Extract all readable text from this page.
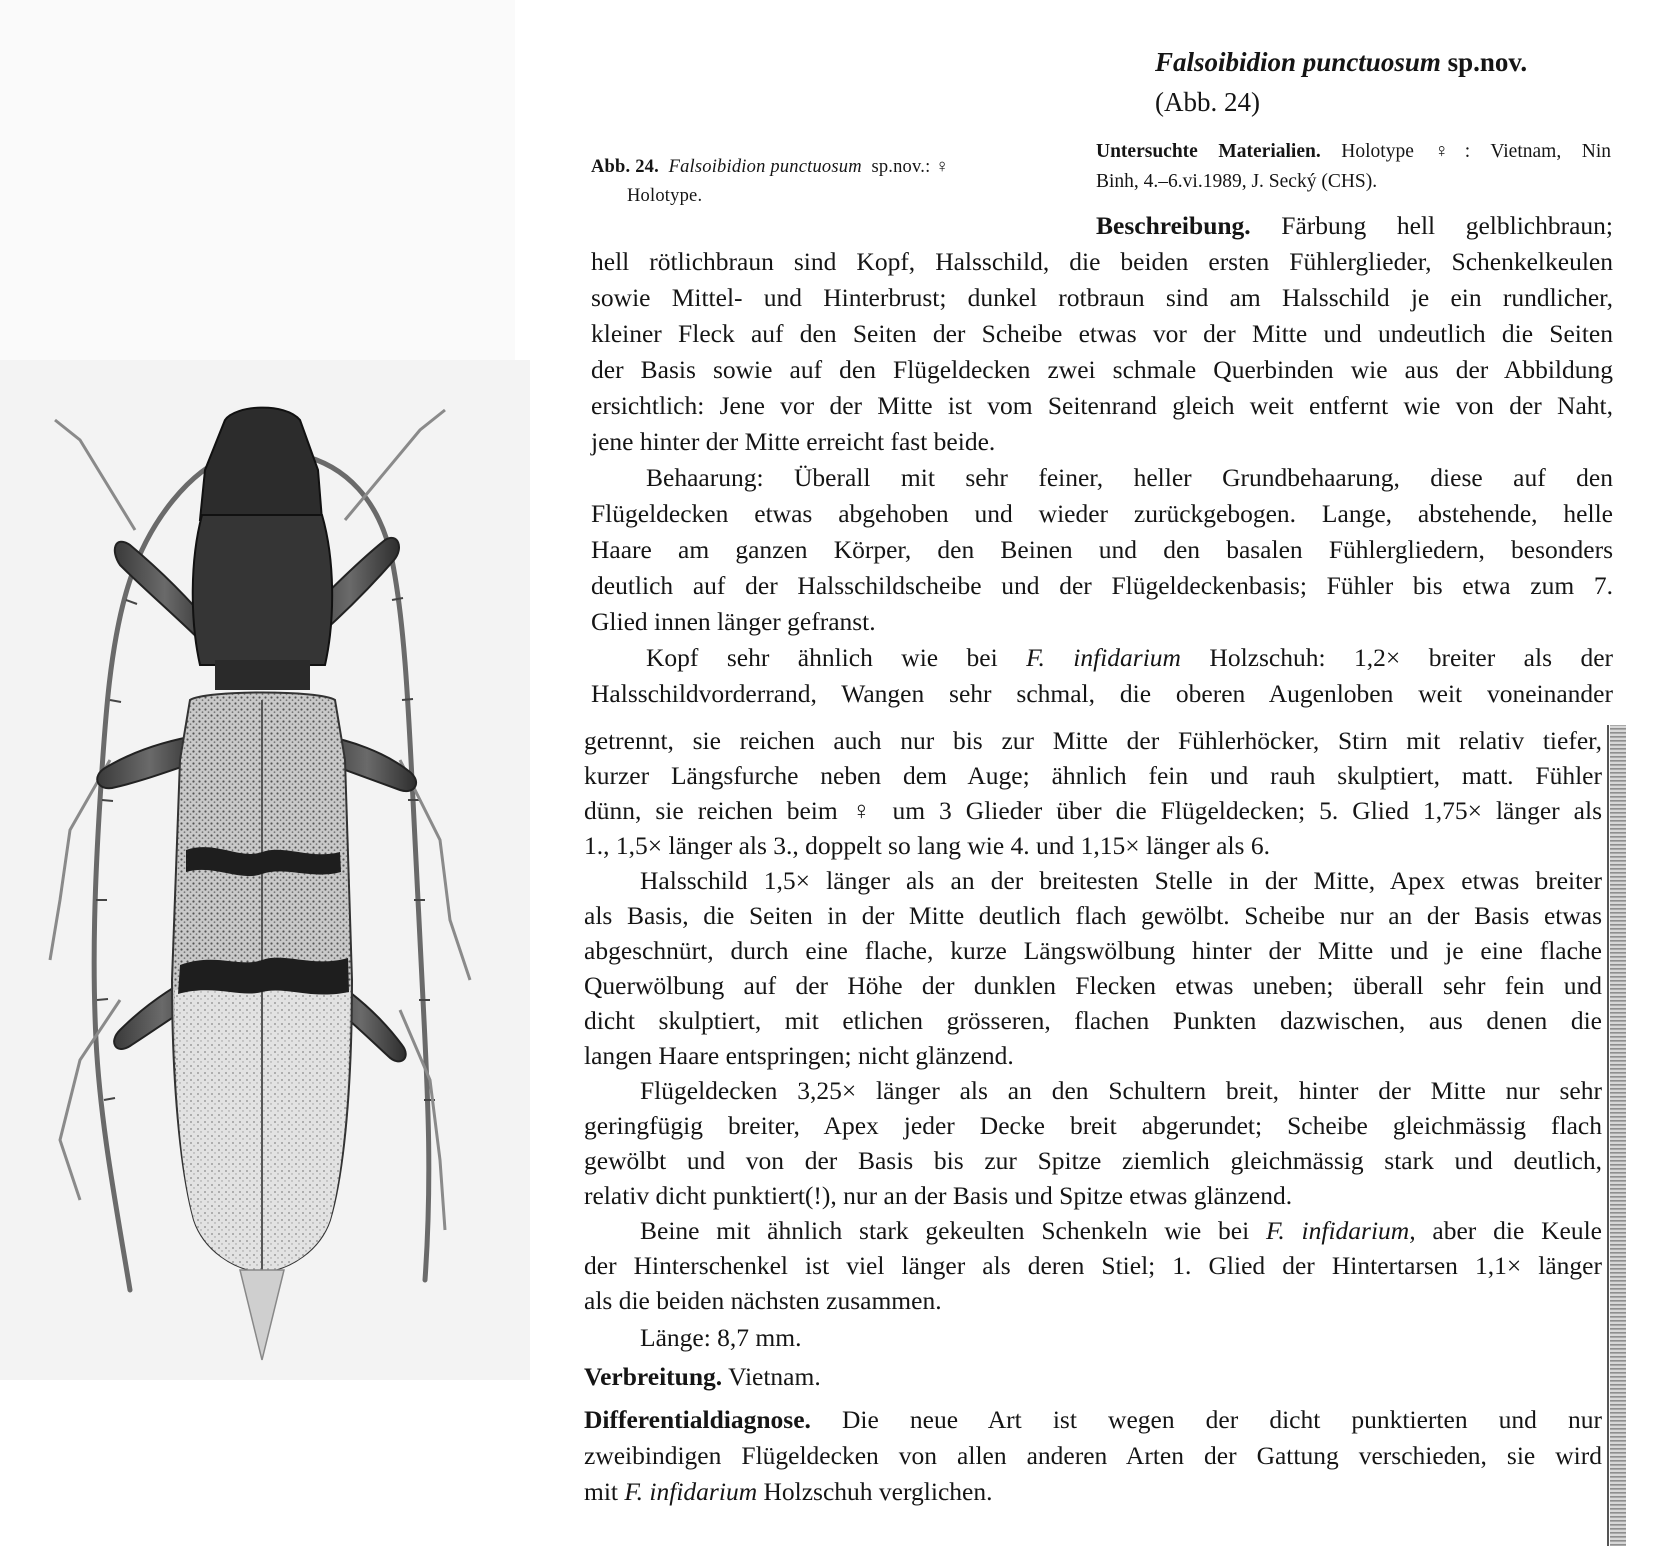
Falsoibidion punctuosum sp.nov.
(Abb. 24)
Abb. 24. Falsoibidion punctuosum sp.nov.: ♀
Holotype.
Untersuchte Materialien. Holotype ♀: Vietnam, Nin
Binh, 4.–6.vi.1989, J. Secký (CHS).
Beschreibung. Färbung hell gelblichbraun;
hell rötlichbraun sind Kopf, Halsschild, die beiden ersten Fühlerglieder, Schenkelkeulen
sowie Mittel- und Hinterbrust; dunkel rotbraun sind am Halsschild je ein rundlicher,
kleiner Fleck auf den Seiten der Scheibe etwas vor der Mitte und undeutlich die Seiten
der Basis sowie auf den Flügeldecken zwei schmale Querbinden wie aus der Abbildung
ersichtlich: Jene vor der Mitte ist vom Seitenrand gleich weit entfernt wie von der Naht,
jene hinter der Mitte erreicht fast beide.
Behaarung: Überall mit sehr feiner, heller Grundbehaarung, diese auf den
Flügeldecken etwas abgehoben und wieder zurückgebogen. Lange, abstehende, helle
Haare am ganzen Körper, den Beinen und den basalen Fühlergliedern, besonders
deutlich auf der Halsschildscheibe und der Flügeldeckenbasis; Fühler bis etwa zum 7.
Glied innen länger gefranst.
Kopf sehr ähnlich wie bei F. infidarium Holzschuh: 1,2× breiter als der
Halsschildvorderrand, Wangen sehr schmal, die oberen Augenloben weit voneinander
getrennt, sie reichen auch nur bis zur Mitte der Fühlerhöcker, Stirn mit relativ tiefer,
kurzer Längsfurche neben dem Auge; ähnlich fein und rauh skulptiert, matt. Fühler
dünn, sie reichen beim ♀ um 3 Glieder über die Flügeldecken; 5. Glied 1,75× länger als
1., 1,5× länger als 3., doppelt so lang wie 4. und 1,15× länger als 6.
Halsschild 1,5× länger als an der breitesten Stelle in der Mitte, Apex etwas breiter
als Basis, die Seiten in der Mitte deutlich flach gewölbt. Scheibe nur an der Basis etwas
abgeschnürt, durch eine flache, kurze Längswölbung hinter der Mitte und je eine flache
Querwölbung auf der Höhe der dunklen Flecken etwas uneben; überall sehr fein und
dicht skulptiert, mit etlichen grösseren, flachen Punkten dazwischen, aus denen die
langen Haare entspringen; nicht glänzend.
Flügeldecken 3,25× länger als an den Schultern breit, hinter der Mitte nur sehr
geringfügig breiter, Apex jeder Decke breit abgerundet; Scheibe gleichmässig flach
gewölbt und von der Basis bis zur Spitze ziemlich gleichmässig stark und deutlich,
relativ dicht punktiert(!), nur an der Basis und Spitze etwas glänzend.
Beine mit ähnlich stark gekeulten Schenkeln wie bei F. infidarium, aber die Keule
der Hinterschenkel ist viel länger als deren Stiel; 1. Glied der Hintertarsen 1,1× länger
als die beiden nächsten zusammen.
Länge: 8,7 mm.
Verbreitung. Vietnam.
Differentialdiagnose. Die neue Art ist wegen der dicht punktierten und nur
zweibindigen Flügeldecken von allen anderen Arten der Gattung verschieden, sie wird
mit F. infidarium Holzschuh verglichen.
